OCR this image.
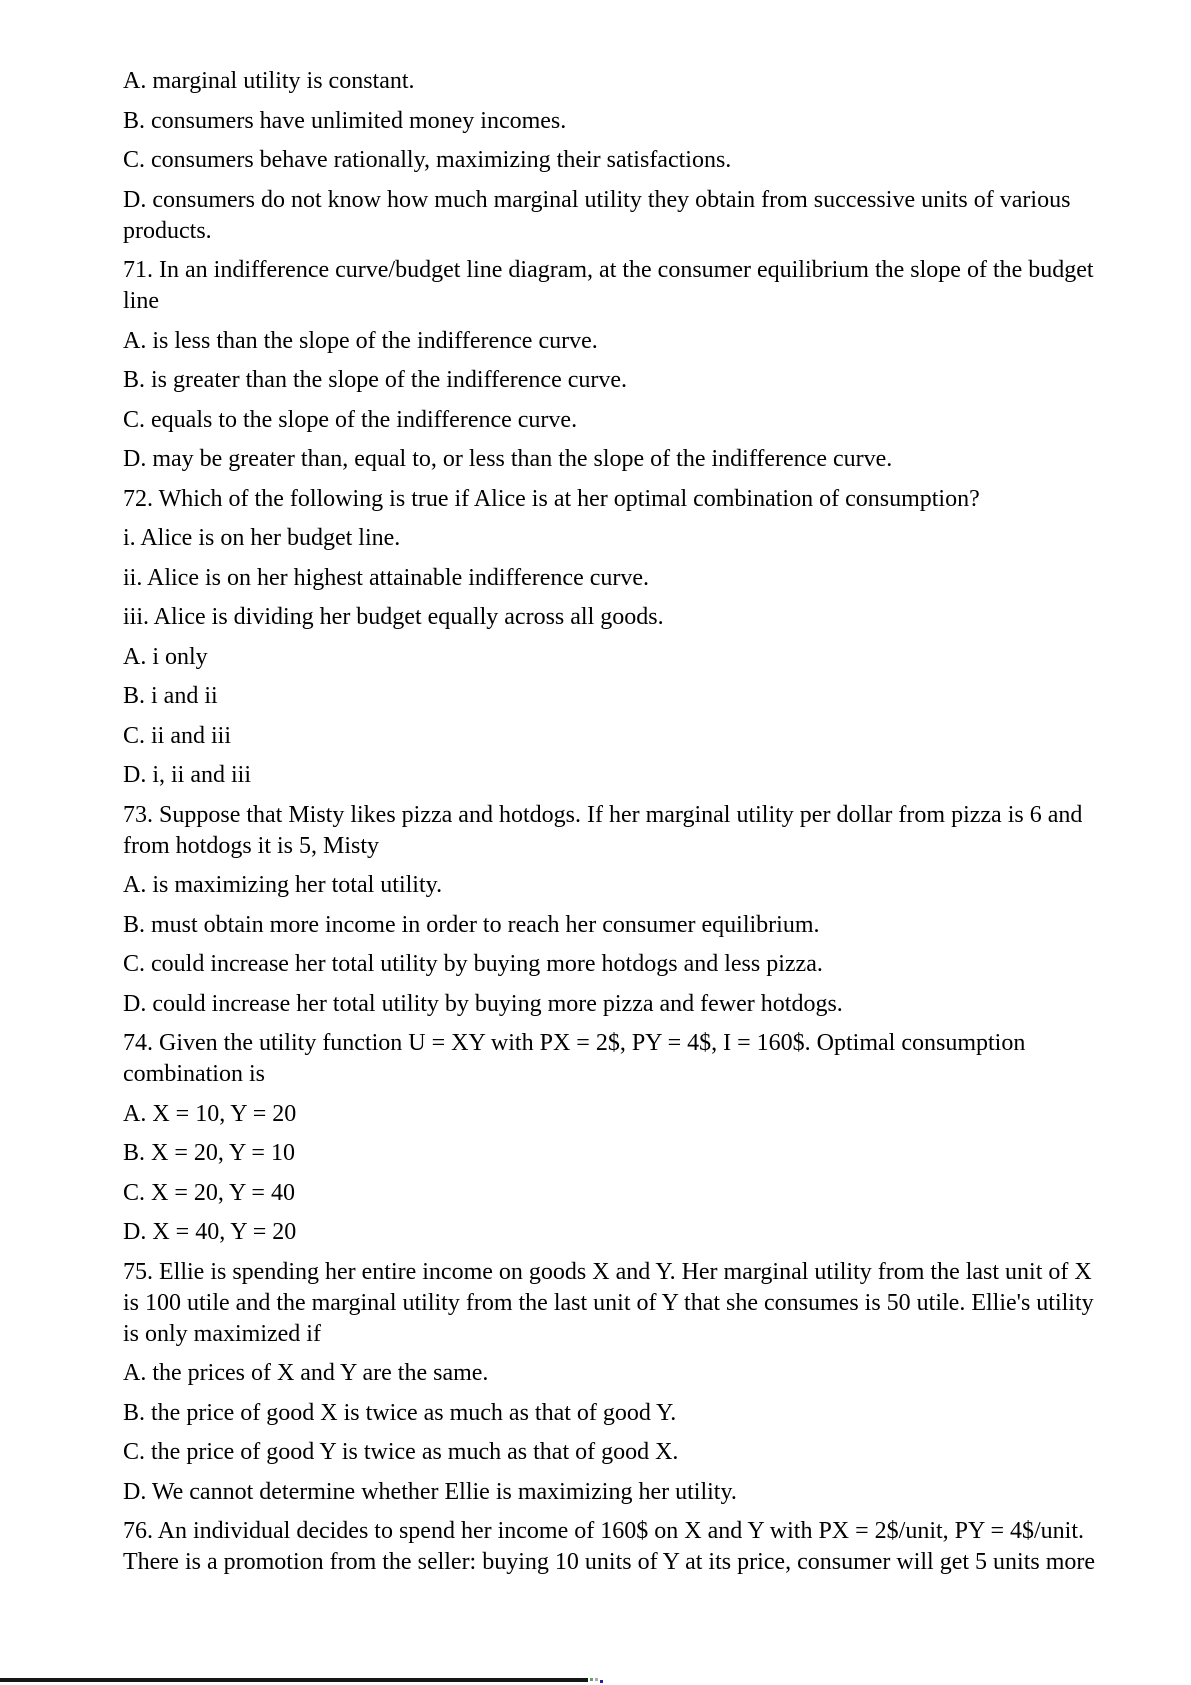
A. marginal utility is constant.

B. consumers have unlimited money incomes.

C. consumers behave rationally, maximizing their satisfactions.

D. consumers do not know how much marginal utility they obtain from successive units of various products.

71. In an indifference curve/budget line diagram, at the consumer equilibrium the slope of the budget line

A. is less than the slope of the indifference curve.

B. is greater than the slope of the indifference curve.

C. equals to the slope of the indifference curve.

D. may be greater than, equal to, or less than the slope of the indifference curve.

72. Which of the following is true if Alice is at her optimal combination of consumption?

i. Alice is on her budget line.

ii. Alice is on her highest attainable indifference curve.

iii. Alice is dividing her budget equally across all goods.

A. i only

B. i and ii

C. ii and iii

D. i, ii and iii

73. Suppose that Misty likes pizza and hotdogs. If her marginal utility per dollar from pizza is 6 and from hotdogs it is 5, Misty

A. is maximizing her total utility.

B. must obtain more income in order to reach her consumer equilibrium.

C. could increase her total utility by buying more hotdogs and less pizza.

D. could increase her total utility by buying more pizza and fewer hotdogs.

74. Given the utility function U = XY with PX = 2$, PY = 4$, I = 160$. Optimal consumption combination is

A. X = 10, Y = 20

B. X = 20, Y = 10

C. X = 20, Y = 40

D. X = 40, Y = 20

75. Ellie is spending her entire income on goods X and Y. Her marginal utility from the last unit of X is 100 utile and the marginal utility from the last unit of Y that she consumes is 50 utile. Ellie's utility is only maximized if

A. the prices of X and Y are the same.

B. the price of good X is twice as much as that of good Y.

C. the price of good Y is twice as much as that of good X.

D. We cannot determine whether Ellie is maximizing her utility.

76. An individual decides to spend her income of 160$ on X and Y with PX = 2$/unit, PY = 4$/unit. There is a promotion from the seller: buying 10 units of Y at its price, consumer will get 5 units more
